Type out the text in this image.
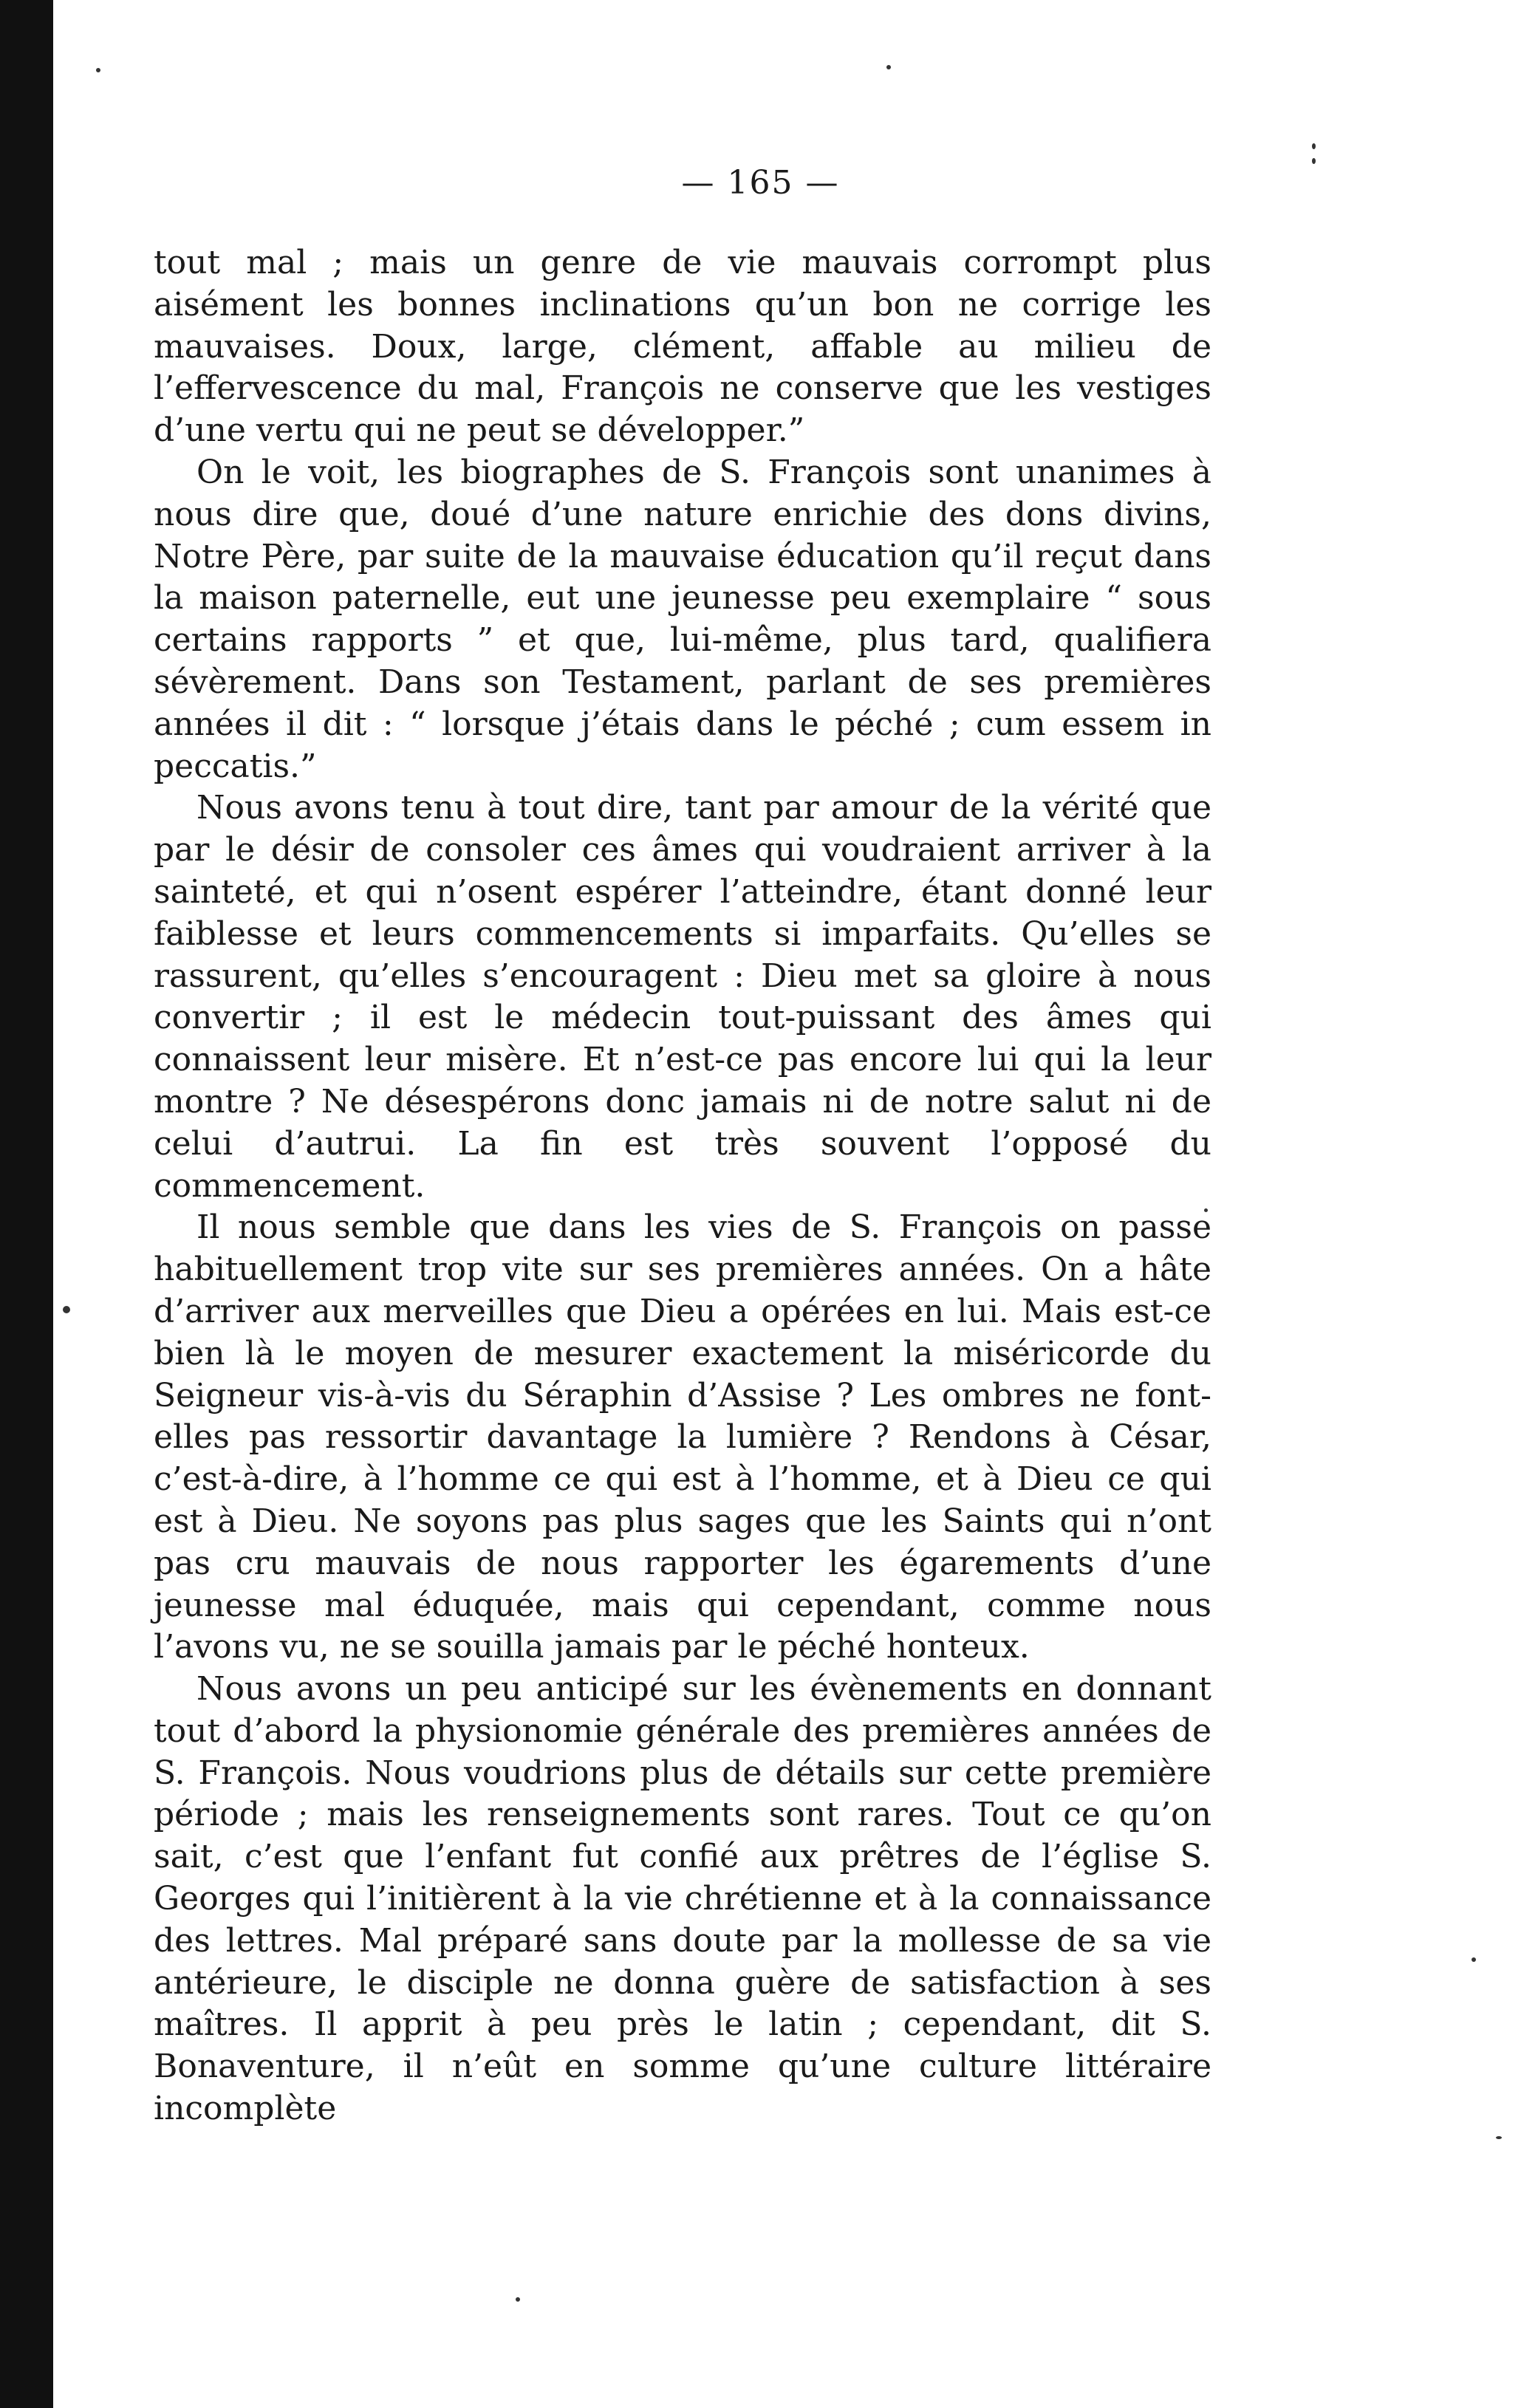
— 165 —

tout mal ; mais un genre de vie mauvais corrompt plus aisément les bonnes inclinations qu’un bon ne corrige les mauvaises. Doux, large, clément, affable au milieu de l’effervescence du mal, François ne conserve que les vestiges d’une vertu qui ne peut se développer.”

On le voit, les biographes de S. François sont unanimes à nous dire que, doué d’une nature enrichie des dons divins, Notre Père, par suite de la mauvaise éducation qu’il reçut dans la maison paternelle, eut une jeunesse peu exemplaire “ sous certains rapports ” et que, lui-même, plus tard, qualifiera sévèrement. Dans son Testament, parlant de ses premières années il dit : “ lorsque j’étais dans le péché ; cum essem in peccatis.”

Nous avons tenu à tout dire, tant par amour de la vérité que par le désir de consoler ces âmes qui voudraient arriver à la sainteté, et qui n’osent espérer l’atteindre, étant donné leur faiblesse et leurs commencements si imparfaits. Qu’elles se rassurent, qu’elles s’encouragent : Dieu met sa gloire à nous convertir ; il est le médecin tout-puissant des âmes qui connaissent leur misère. Et n’est-ce pas encore lui qui la leur montre ? Ne désespérons donc jamais ni de notre salut ni de celui d’autrui. La fin est très souvent l’opposé du commencement.

Il nous semble que dans les vies de S. François on passe habituellement trop vite sur ses premières années. On a hâte d’arriver aux merveilles que Dieu a opérées en lui. Mais est-ce bien là le moyen de mesurer exactement la miséricorde du Seigneur vis-à-vis du Séraphin d’Assise ? Les ombres ne font-elles pas ressortir davantage la lumière ? Rendons à César, c’est-à-dire, à l’homme ce qui est à l’homme, et à Dieu ce qui est à Dieu. Ne soyons pas plus sages que les Saints qui n’ont pas cru mauvais de nous rapporter les égarements d’une jeunesse mal éduquée, mais qui cependant, comme nous l’avons vu, ne se souilla jamais par le péché honteux.

Nous avons un peu anticipé sur les évènements en donnant tout d’abord la physionomie générale des premières années de S. François. Nous voudrions plus de détails sur cette première période ; mais les renseignements sont rares. Tout ce qu’on sait, c’est que l’enfant fut confié aux prêtres de l’église S. Georges qui l’initièrent à la vie chrétienne et à la connaissance des lettres. Mal préparé sans doute par la mollesse de sa vie antérieure, le disciple ne donna guère de satisfaction à ses maîtres. Il apprit à peu près le latin ; cependant, dit S. Bonaventure, il n’eût en somme qu’une culture littéraire incomplète
